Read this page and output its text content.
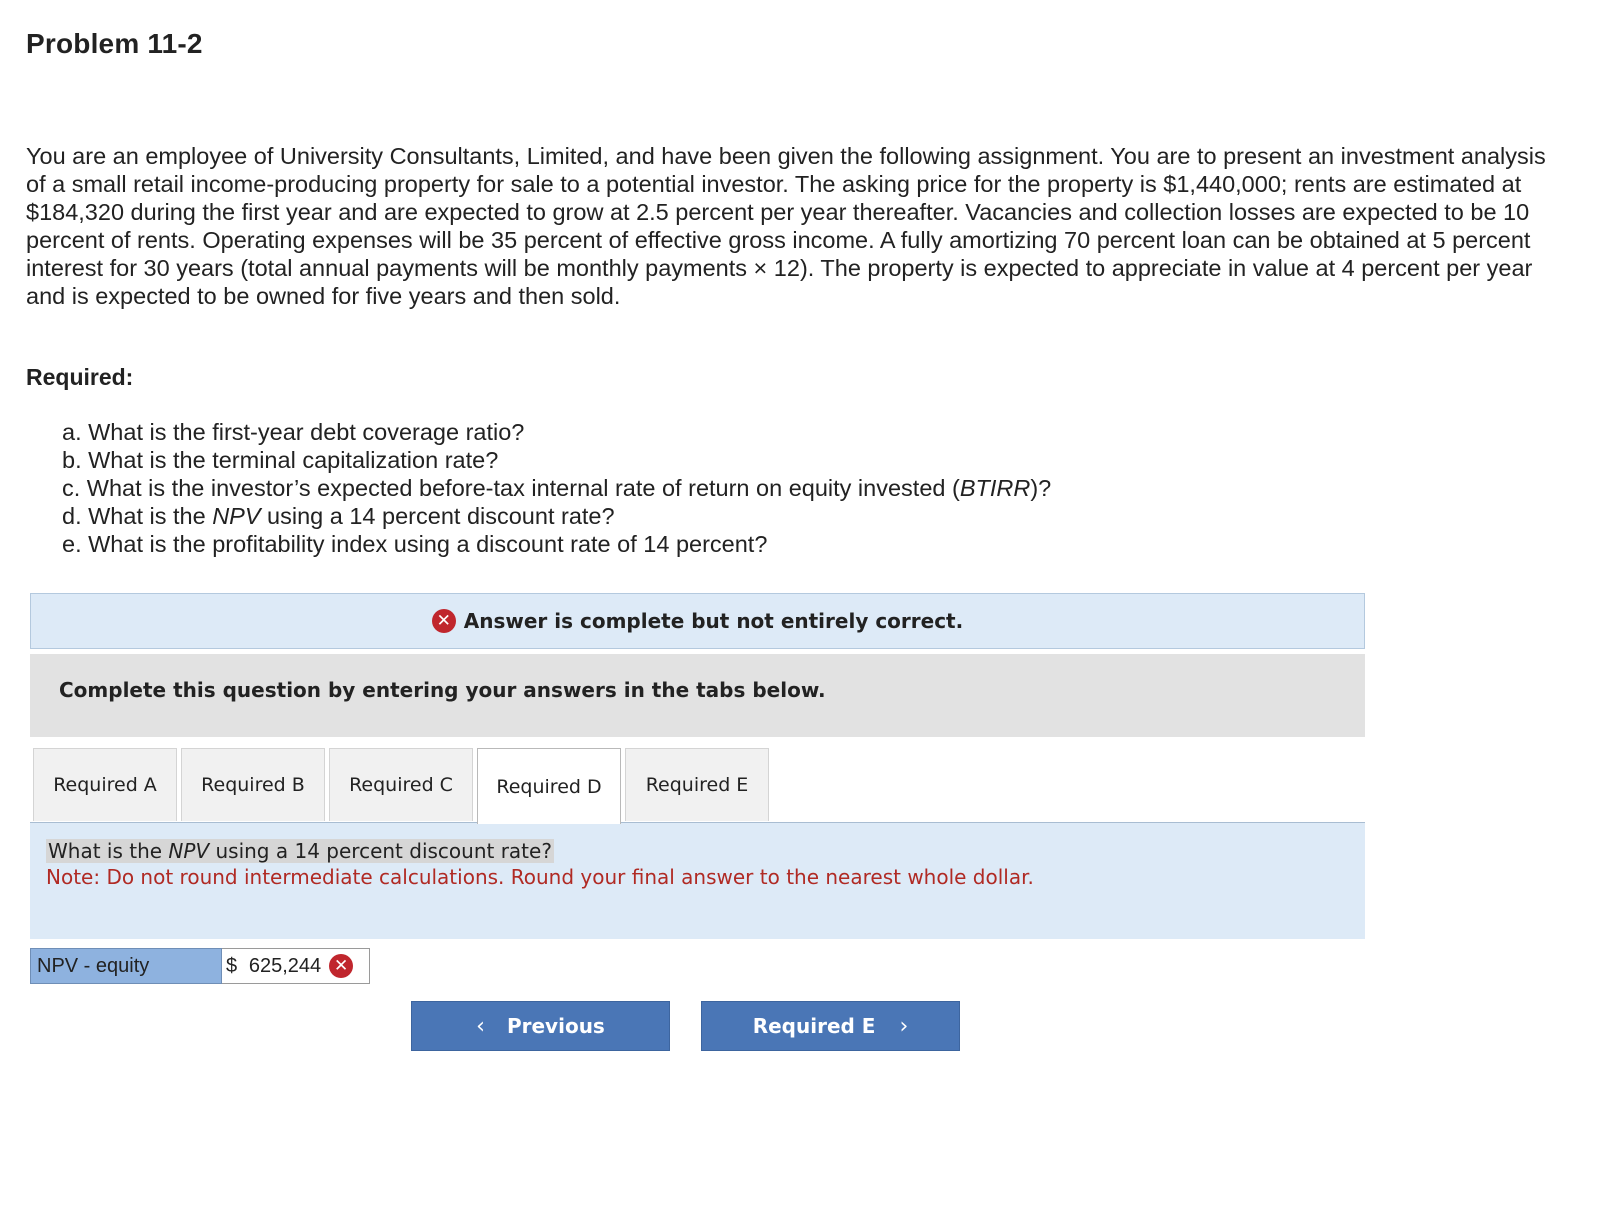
Problem 11-2

You are an employee of University Consultants, Limited, and have been given the following assignment. You are to present an investment analysis of a small retail income-producing property for sale to a potential investor. The asking price for the property is $1,440,000; rents are estimated at $184,320 during the first year and are expected to grow at 2.5 percent per year thereafter. Vacancies and collection losses are expected to be 10 percent of rents. Operating expenses will be 35 percent of effective gross income. A fully amortizing 70 percent loan can be obtained at 5 percent interest for 30 years (total annual payments will be monthly payments × 12). The property is expected to appreciate in value at 4 percent per year and is expected to be owned for five years and then sold.

Required:
a. What is the first-year debt coverage ratio?
b. What is the terminal capitalization rate?
c. What is the investor’s expected before-tax internal rate of return on equity invested (BTIRR)?
d. What is the NPV using a 14 percent discount rate?
e. What is the profitability index using a discount rate of 14 percent?
✕ Answer is complete but not entirely correct.

Complete this question by entering your answers in the tabs below.

Required A	Required B	Required C	Required D	Required E

What is the NPV using a 14 percent discount rate?

Note: Do not round intermediate calculations. Round your final answer to the nearest whole dollar.

NPV - equity	$ 625,244 ✕
‹ Previous	Required E ›
